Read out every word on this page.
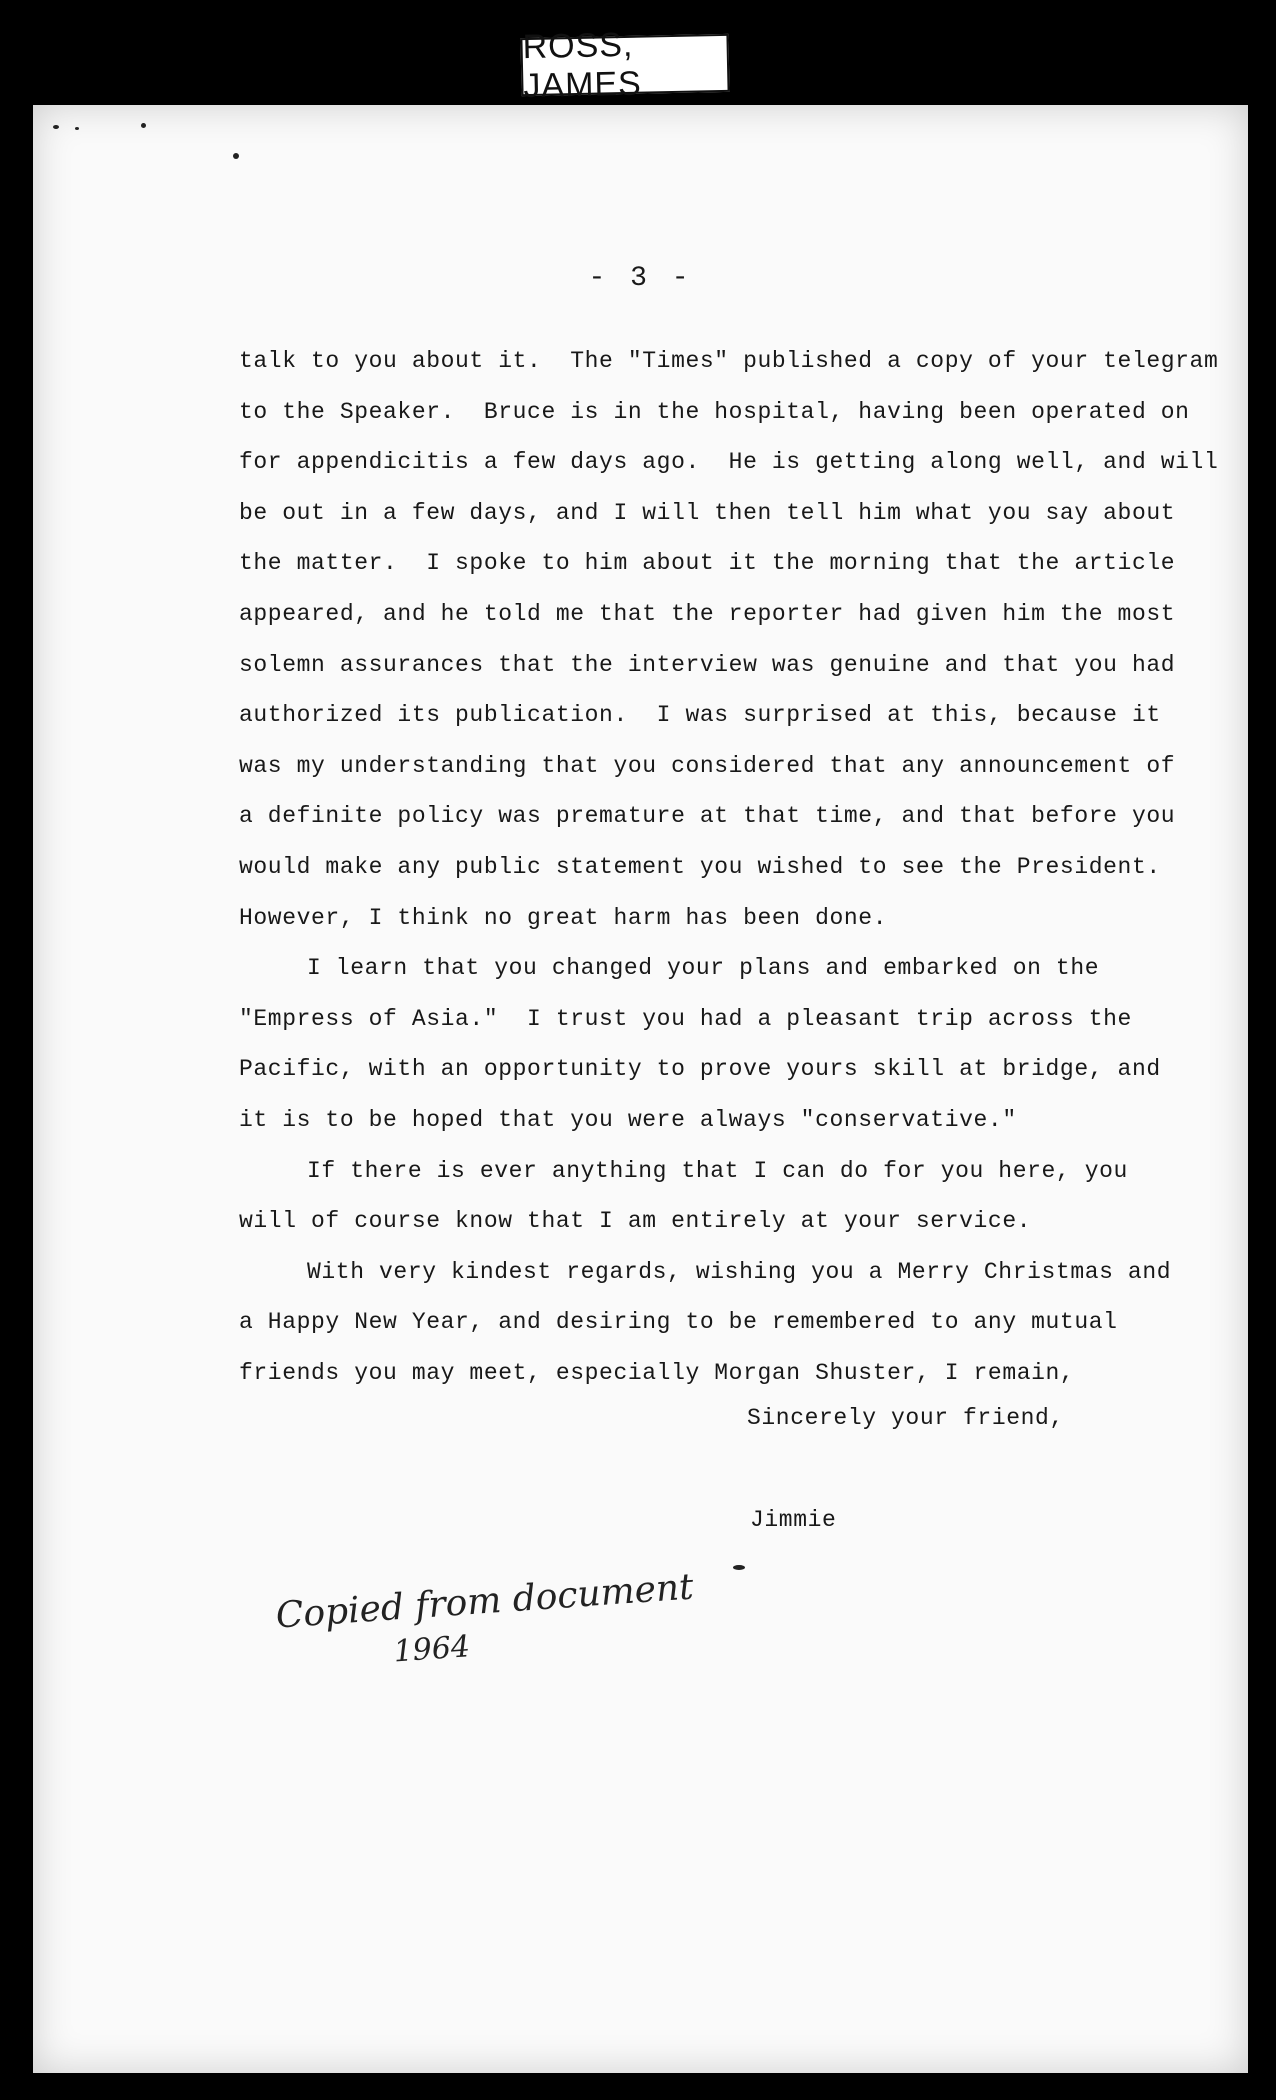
ROSS, JAMES
- 3 -
talk to you about it.  The "Times" published a copy of your telegram
to the Speaker.  Bruce is in the hospital, having been operated on
for appendicitis a few days ago.  He is getting along well, and will
be out in a few days, and I will then tell him what you say about
the matter.  I spoke to him about it the morning that the article
appeared, and he told me that the reporter had given him the most
solemn assurances that the interview was genuine and that you had
authorized its publication.  I was surprised at this, because it
was my understanding that you considered that any announcement of
a definite policy was premature at that time, and that before you
would make any public statement you wished to see the President.
However, I think no great harm has been done.
I learn that you changed your plans and embarked on the
"Empress of Asia."  I trust you had a pleasant trip across the
Pacific, with an opportunity to prove yours skill at bridge, and
it is to be hoped that you were always "conservative."
If there is ever anything that I can do for you here, you
will of course know that I am entirely at your service.
With very kindest regards, wishing you a Merry Christmas and
a Happy New Year, and desiring to be remembered to any mutual
friends you may meet, especially Morgan Shuster, I remain,
Sincerely your friend,
Jimmie
Copied from document
1964
